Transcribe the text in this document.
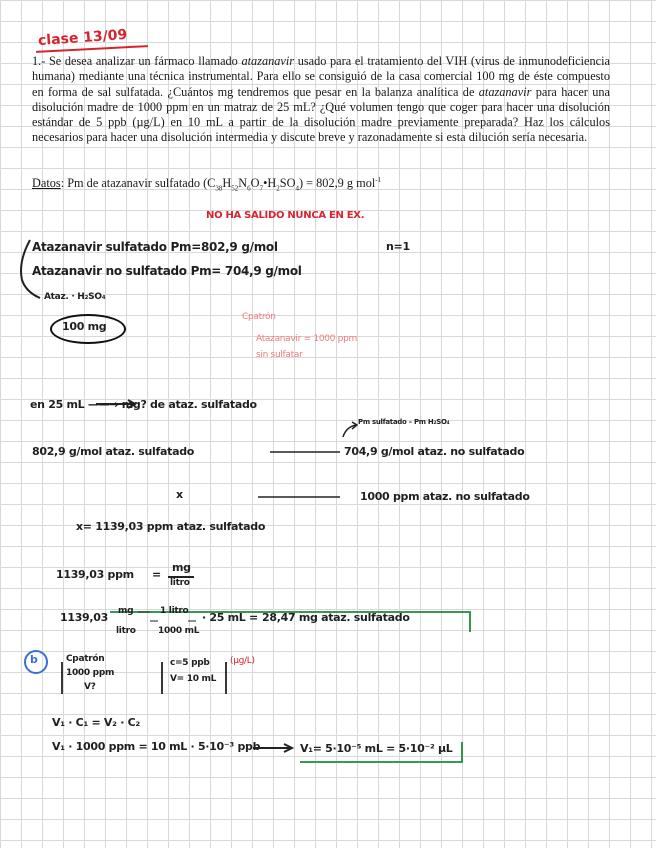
clase 13/09
1.- Se desea analizar un fármaco llamado atazanavir usado para el tratamiento del VIH (virus de inmunodeficiencia humana) mediante una técnica instrumental. Para ello se consiguió de la casa comercial 100 mg de éste compuesto en forma de sal sulfatada. ¿Cuántos mg tendremos que pesar en la balanza analítica de atazanavir para hacer una disolución madre de 1000 ppm en un matraz de 25 mL? ¿Qué volumen tengo que coger para hacer una disolución estándar de 5 ppb (µg/L) en 10 mL a partir de la disolución madre previamente preparada? Haz los cálculos necesarios para hacer una disolución intermedia y discute breve y razonadamente si esta dilución sería necesaria.
Datos: Pm de atazanavir sulfatado $(C_{38}H_{52}N_6O_7•H_2SO_4) = 802,9$ g mol$^{-1}$
NO HA SALIDO NUNCA EN EX.
Atazanavir sulfatado Pm=802,9 g/mol	n=1
Atazanavir no sulfatado Pm= 704,9 g/mol
Ataz. · H₂SO₄
100 mg
Cpatrón
Atazanavir = 1000 ppm
sin sulfatar
en 25 mL ——→ mg? de ataz. sulfatado
Pm sulfatado – Pm H₂SO₄
802,9 g/mol ataz. sulfatado	704,9 g/mol ataz. no sulfatado
x	1000 ppm ataz. no sulfatado
x= 1139,03 ppm ataz. sulfatado
1139,03 ppm =
mg
litro
1139,03 mg
litro
1 litro
1000 mL
· 25 mL = 28,47 mg ataz. sulfatado
b	Cpatrón
1000 ppm
V?
c=5 ppb
V= 10 mL
(µg/L)
V₁ · C₁ = V₂ · C₂
V₁ · 1000 ppm = 10 mL · 5·10⁻³ ppb	V₁= 5·10⁻⁵ mL = 5·10⁻² µL
